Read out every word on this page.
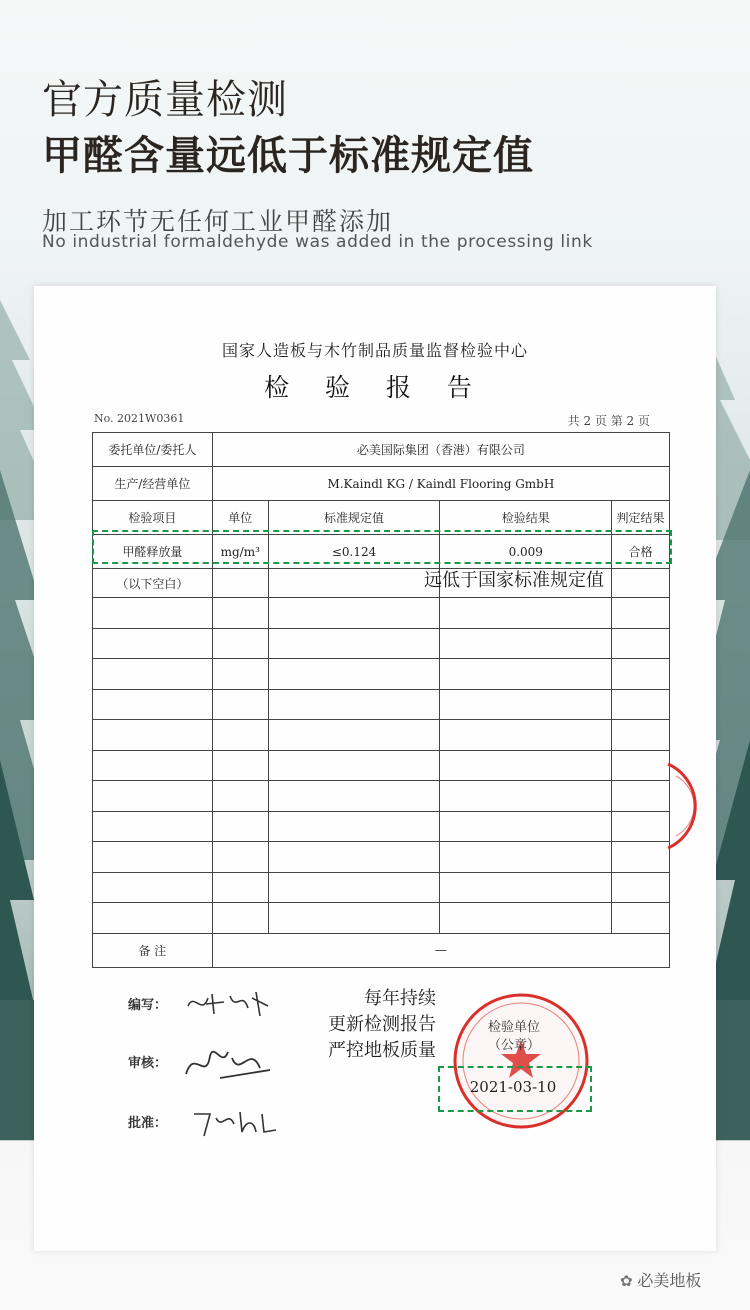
官方质量检测
甲醛含量远低于标准规定值
加工环节无任何工业甲醛添加
No industrial formaldehyde was added in the processing link
国家人造板与木竹制品质量监督检验中心
检 验 报 告
No. 2021W0361	共 2 页 第 2 页
委托单位/委托人	必美国际集团（香港）有限公司			
生产/经营单位	M.Kaindl KG / Kaindl Flooring GmbH			
检验项目	单位	标准规定值	检验结果	判定结果
甲醛释放量	mg/m³	≤0.124	0.009	合格
（以下空白）				

备 注	—			
远低于国家标准规定值
编写：
审核：
批准：
每年持续
更新检测报告
严控地板质量
检验单位
（公章）
2021-03-10
✿ 必美地板
